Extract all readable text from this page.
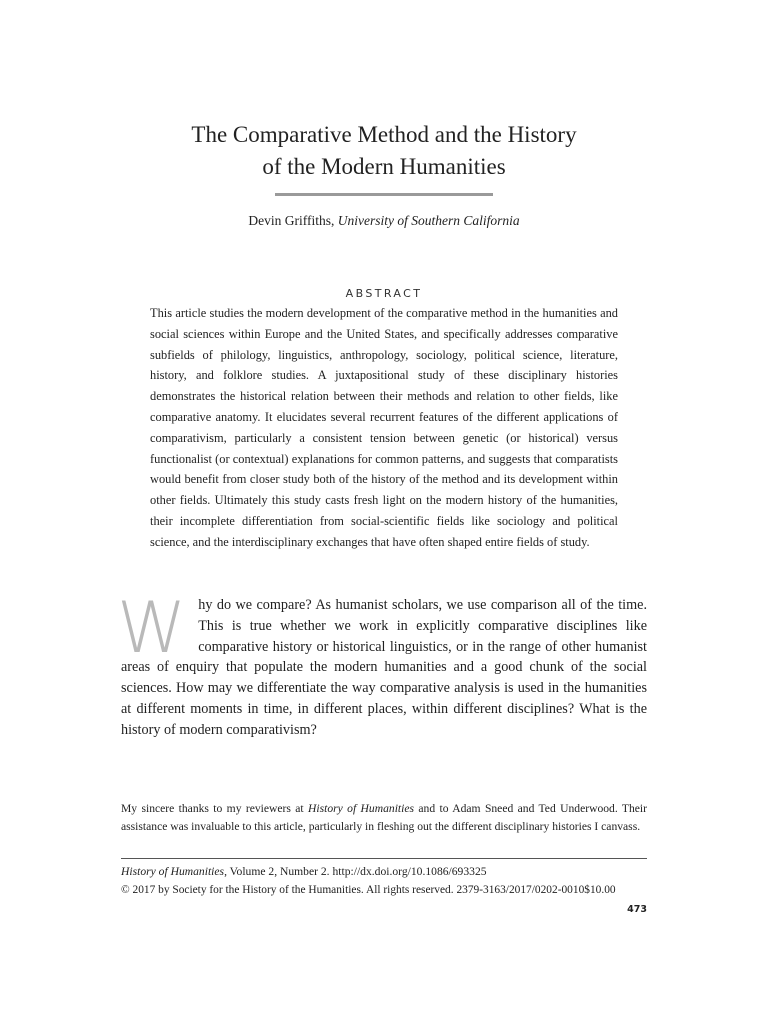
The Comparative Method and the History
of the Modern Humanities
Devin Griffiths, University of Southern California
ABSTRACT
This article studies the modern development of the comparative method in the humanities and social sciences within Europe and the United States, and specifically addresses comparative subfields of philology, linguistics, anthropology, sociology, political science, literature, history, and folklore studies. A juxtapositional study of these disciplinary histories demonstrates the historical relation between their methods and relation to other fields, like comparative anatomy. It elucidates several recurrent features of the different applications of comparativism, particularly a consistent tension between genetic (or historical) versus functionalist (or contextual) explanations for common patterns, and suggests that comparatists would benefit from closer study both of the history of the method and its development within other fields. Ultimately this study casts fresh light on the modern history of the humanities, their incomplete differentiation from social-scientific fields like sociology and political science, and the interdisciplinary exchanges that have often shaped entire fields of study.
Why do we compare? As humanist scholars, we use comparison all of the time. This is true whether we work in explicitly comparative disciplines like comparative history or historical linguistics, or in the range of other humanist areas of enquiry that populate the modern humanities and a good chunk of the social sciences. How may we differentiate the way comparative analysis is used in the humanities at different moments in time, in different places, within different disciplines? What is the history of modern comparativism?
My sincere thanks to my reviewers at History of Humanities and to Adam Sneed and Ted Underwood. Their assistance was invaluable to this article, particularly in fleshing out the different disciplinary histories I canvass.
History of Humanities, Volume 2, Number 2. http://dx.doi.org/10.1086/693325
© 2017 by Society for the History of the Humanities. All rights reserved. 2379-3163/2017/0202-0010$10.00
473
